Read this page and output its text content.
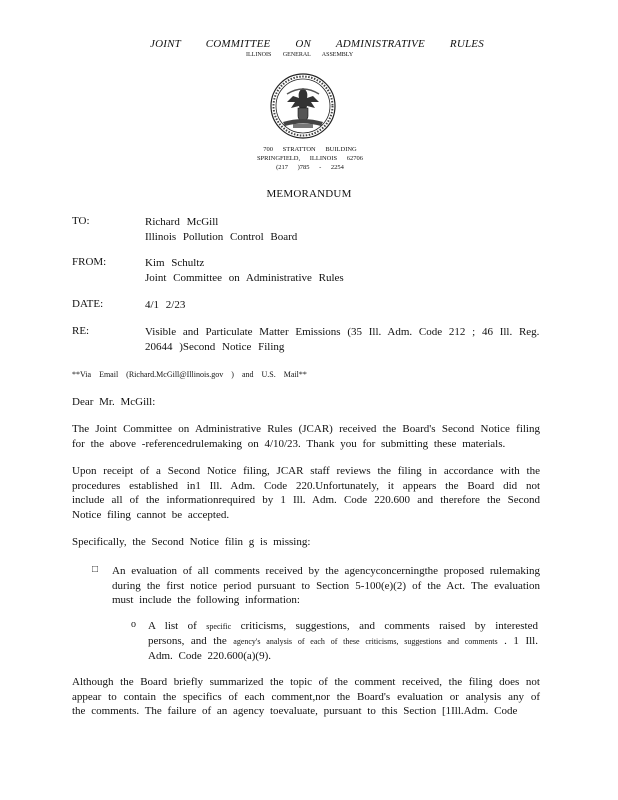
JOINT COMMITTEE ON ADMINISTRATIVE RULES
ILLINOIS GENERAL ASSEMBLY
700 STRATTON BUILDING
SPRINGFIELD, ILLINOIS 62706
(217 )785 - 2254
MEMORANDUM
TO:	Richard McGill
Illinois Pollution Control Board
FROM:	Kim Schultz
Joint Committee on Administrative Rules
DATE:	4/1 2/23
RE:	Visible and Particulate Matter Emissions (35 Ill. Adm. Code 212 ; 46 Ill. Reg.
20644 )Second Notice Filing
**Via Email (Richard.McGill@Illinois.gov ) and U.S. Mail**
Dear Mr. McGill:
The Joint Committee on Administrative Rules (JCAR) received the Board's Second Notice filing for the above -referencedrulemaking on 4/10/23. Thank you for submitting these materials.
Upon receipt of a Second Notice filing, JCAR staff reviews the filing in accordance with the procedures established in1 Ill. Adm. Code 220.Unfortunately, it appears the Board did not include all of the informationrequired by 1 Ill. Adm. Code 220.600 and therefore the Second Notice filing cannot be accepted.
Specifically, the Second Notice filin g is missing:
□ An evaluation of all comments received by the agencyconcerningthe proposed rulemaking during the first notice period pursuant to Section 5-100(e)(2) of the Act. The evaluation must include the following information:
o A list of specific criticisms, suggestions, and comments raised by interested persons, and the agency's analysis of each of these criticisms, suggestions and comments . 1 Ill. Adm. Code 220.600(a)(9).
Although the Board briefly summarized the topic of the comment received, the filing does not appear to contain the specifics of each comment,nor the Board's evaluation or analysis any of the comments. The failure of an agency toevaluate, pursuant to this Section [1Ill.Adm. Code
